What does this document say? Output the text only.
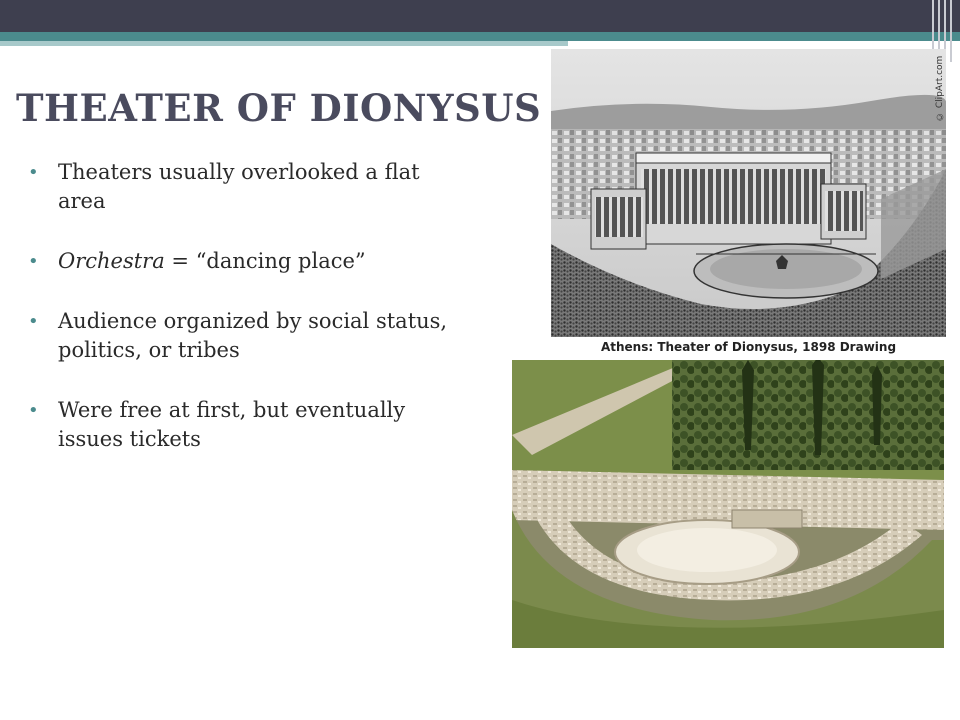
THEATER OF DIONYSUS
• Theaters usually overlooked a flat area
• Orchestra = “dancing place”
• Audience organized by social status, politics, or tribes
• Were free at first, but eventually issues tickets
© ClipArt.com
Athens: Theater of Dionysus, 1898 Drawing
